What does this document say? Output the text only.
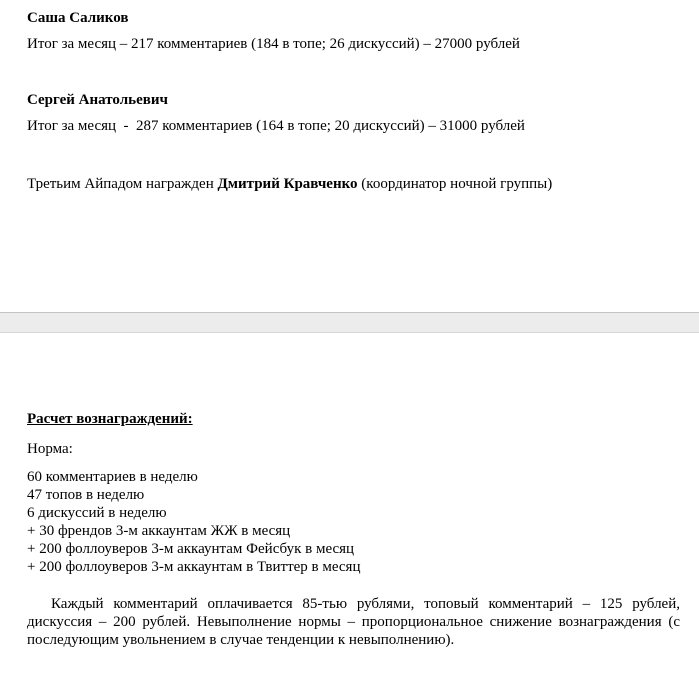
Саша Саликов
Итог за месяц – 217 комментариев (184 в топе; 26 дискуссий) – 27000 рублей
Сергей Анатольевич
Итог за месяц  -  287 комментариев (164 в топе; 20 дискуссий) – 31000 рублей
Третьим Айпадом награжден Дмитрий Кравченко (координатор ночной группы)
Расчет вознаграждений:
Норма:
60 комментариев в неделю
47 топов в неделю
6 дискуссий в неделю
+ 30 френдов 3-м аккаунтам ЖЖ в месяц
+ 200 фоллоуверов 3-м аккаунтам Фейсбук в месяц
+ 200 фоллоуверов 3-м аккаунтам в Твиттер в месяц
Каждый комментарий оплачивается 85-тью рублями, топовый комментарий – 125 рублей, дискуссия – 200 рублей. Невыполнение нормы – пропорциональное снижение вознаграждения (с последующим увольнением в случае тенденции к невыполнению).
